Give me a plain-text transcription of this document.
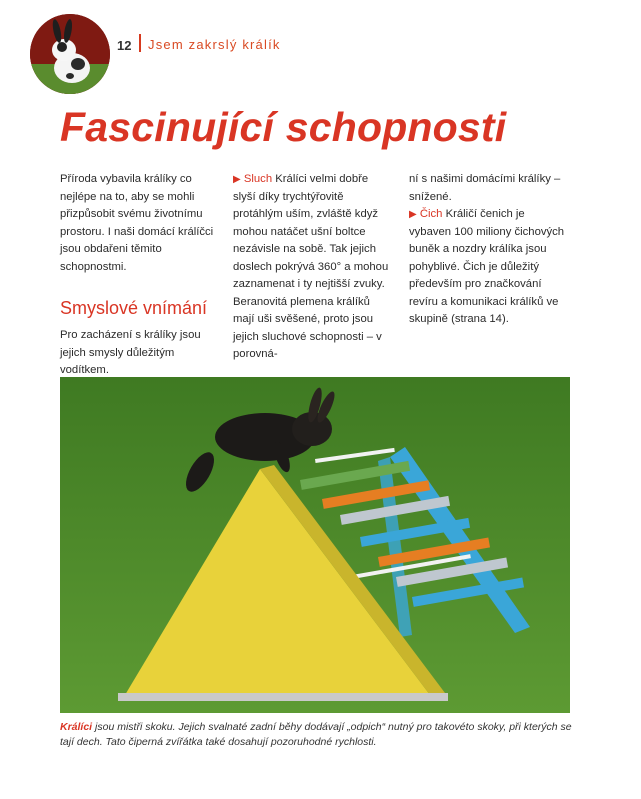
12 Jsem zakrslý králík
Fascinující schopnosti

Příroda vybavila králíky co nejlépe na to, aby se mohli přizpůsobit svému životnímu prostoru. I naši domácí králíčci jsou obdařeni těmito schopnostmi.

Smyslové vnímání

Pro zacházení s králíky jsou jejich smysly důležitým vodítkem.

▶ Sluch Králíci velmi dobře slyší díky trychtýřovitě protáhlým uším, zvláště když mohou natáčet ušní boltce nezávisle na sobě. Tak jejich doslech pokrývá 360° a mohou zaznamenat i ty nejtišší zvuky. Beranovitá plemena králíků mají uši svěšené, proto jsou jejich sluchové schopnosti – v porovná-

ní s našimi domácími králíky – snížené.

▶ Čich Králičí čenich je vybaven 100 miliony čichových buněk a nozdry králíka jsou pohyblivé. Čich je důležitý především pro značkování revíru a komunikaci králíků ve skupině (strana 14).

Králíci jsou mistři skoku. Jejich svalnaté zadní běhy dodávají „odpich“ nutný pro takovéto skoky, při kterých se tají dech. Tato čiperná zvířátka také dosahují pozoruhodné rychlosti.
